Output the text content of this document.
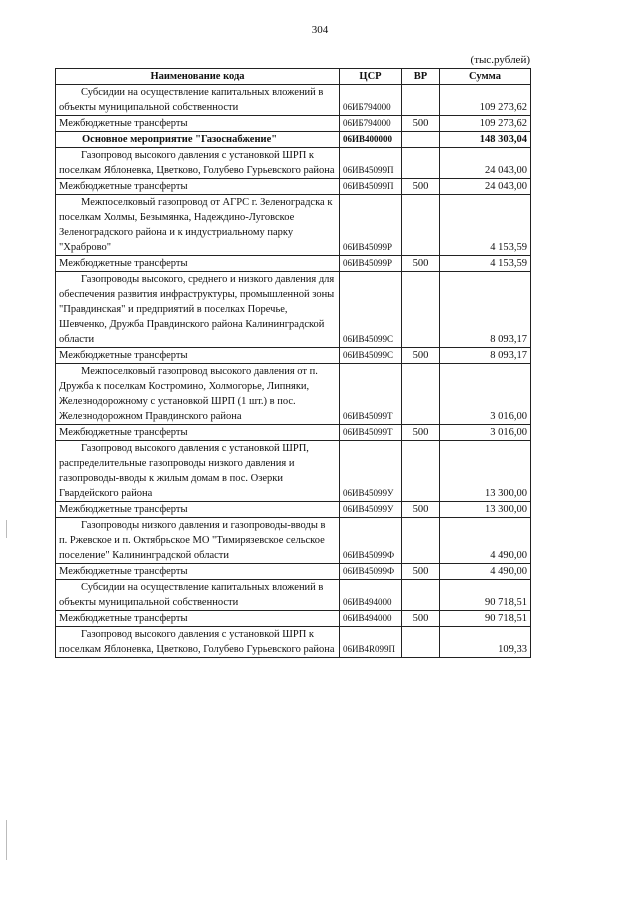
304
(тыс.рублей)
Наименование кода	ЦСР	ВР	Сумма
Субсидии на осуществление капитальных вложений в объекты муниципальной собственности	06ИБ794000		109 273,62
Межбюджетные трансферты	06ИБ794000	500	109 273,62
Основное мероприятие "Газоснабжение"	06ИВ400000		148 303,04
Газопровод высокого давления с установкой ШРП к поселкам Яблоневка, Цветково, Голубево Гурьевского района	06ИВ45099П		24 043,00
Межбюджетные трансферты	06ИВ45099П	500	24 043,00
Межпоселковый газопровод от АГРС г. Зеленоградска к поселкам Холмы, Безымянка, Надеждино-Луговское Зеленоградского района и к индустриальному парку "Храброво"	06ИВ45099Р		4 153,59
Межбюджетные трансферты	06ИВ45099Р	500	4 153,59
Газопроводы высокого, среднего и низкого давления для обеспечения развития инфраструктуры, промышленной зоны "Правдинская" и предприятий в поселках Поречье, Шевченко, Дружба Правдинского района Калининградской области	06ИВ45099С		8 093,17
Межбюджетные трансферты	06ИВ45099С	500	8 093,17
Межпоселковый газопровод высокого давления от п. Дружба к поселкам Костромино, Холмогорье, Липняки, Железнодорожному с установкой ШРП (1 шт.) в пос. Железнодорожном Правдинского района	06ИВ45099Т		3 016,00
Межбюджетные трансферты	06ИВ45099Т	500	3 016,00
Газопровод высокого давления с установкой ШРП, распределительные газопроводы низкого давления и газопроводы-вводы к жилым домам в пос. Озерки Гвардейского района	06ИВ45099У		13 300,00
Межбюджетные трансферты	06ИВ45099У	500	13 300,00
Газопроводы низкого давления и газопроводы-вводы в п. Ржевское и п. Октябрьское МО "Тимирязевское сельское поселение" Калининградской области	06ИВ45099Ф		4 490,00
Межбюджетные трансферты	06ИВ45099Ф	500	4 490,00
Субсидии на осуществление капитальных вложений в объекты муниципальной собственности	06ИВ494000		90 718,51
Межбюджетные трансферты	06ИВ494000	500	90 718,51
Газопровод высокого давления с установкой ШРП к поселкам Яблоневка, Цветково, Голубево Гурьевского района	06ИВ4R099П		109,33
